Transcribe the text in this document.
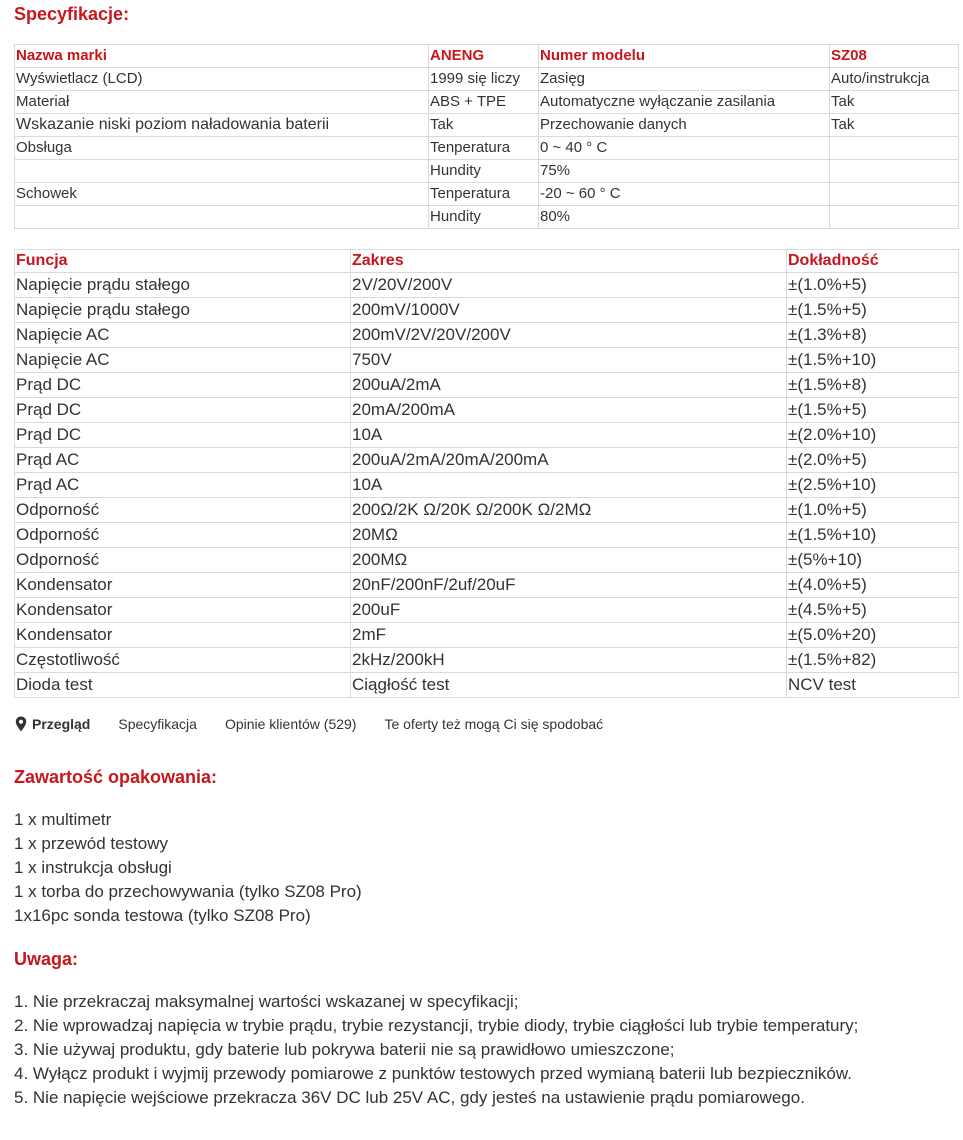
Specyfikacje:
Nazwa marki	ANENG	Numer modelu	SZ08
Wyświetlacz (LCD)	1999 się liczy	Zasięg	Auto/instrukcja
Materiał	ABS + TPE	Automatyczne wyłączanie zasilania	Tak
Wskazanie niski poziom naładowania baterii	Tak	Przechowanie danych	Tak
Obsługa	Tenperatura	0 ~ 40 ° C	
	Hundity	75%	
Schowek	Tenperatura	-20 ~ 60 ° C	
	Hundity	80%	
Funcja	Zakres	Dokładność
Napięcie prądu stałego	2V/20V/200V	±(1.0%+5)
Napięcie prądu stałego	200mV/1000V	±(1.5%+5)
Napięcie AC	200mV/2V/20V/200V	±(1.3%+8)
Napięcie AC	750V	±(1.5%+10)
Prąd DC	200uA/2mA	±(1.5%+8)
Prąd DC	20mA/200mA	±(1.5%+5)
Prąd DC	10A	±(2.0%+10)
Prąd AC	200uA/2mA/20mA/200mA	±(2.0%+5)
Prąd AC	10A	±(2.5%+10)
Odporność	200Ω/2K Ω/20K Ω/200K Ω/2MΩ	±(1.0%+5)
Odporność	20MΩ	±(1.5%+10)
Odporność	200MΩ	±(5%+10)
Kondensator	20nF/200nF/2uf/20uF	±(4.0%+5)
Kondensator	200uF	±(4.5%+5)
Kondensator	2mF	±(5.0%+20)
Częstotliwość	2kHz/200kH	±(1.5%+82)
Dioda test	Ciągłość test	NCV test
Przegląd Specyfikacja Opinie klientów (529) Te oferty też mogą Ci się spodobać
Zawartość opakowania:
1 x multimetr
1 x przewód testowy
1 x instrukcja obsługi
1 x torba do przechowywania (tylko SZ08 Pro)
1x16pc sonda testowa (tylko SZ08 Pro)
Uwaga:
1. Nie przekraczaj maksymalnej wartości wskazanej w specyfikacji;
2. Nie wprowadzaj napięcia w trybie prądu, trybie rezystancji, trybie diody, trybie ciągłości lub trybie temperatury;
3. Nie używaj produktu, gdy baterie lub pokrywa baterii nie są prawidłowo umieszczone;
4. Wyłącz produkt i wyjmij przewody pomiarowe z punktów testowych przed wymianą baterii lub bezpieczników.
5. Nie napięcie wejściowe przekracza 36V DC lub 25V AC, gdy jesteś na ustawienie prądu pomiarowego.
